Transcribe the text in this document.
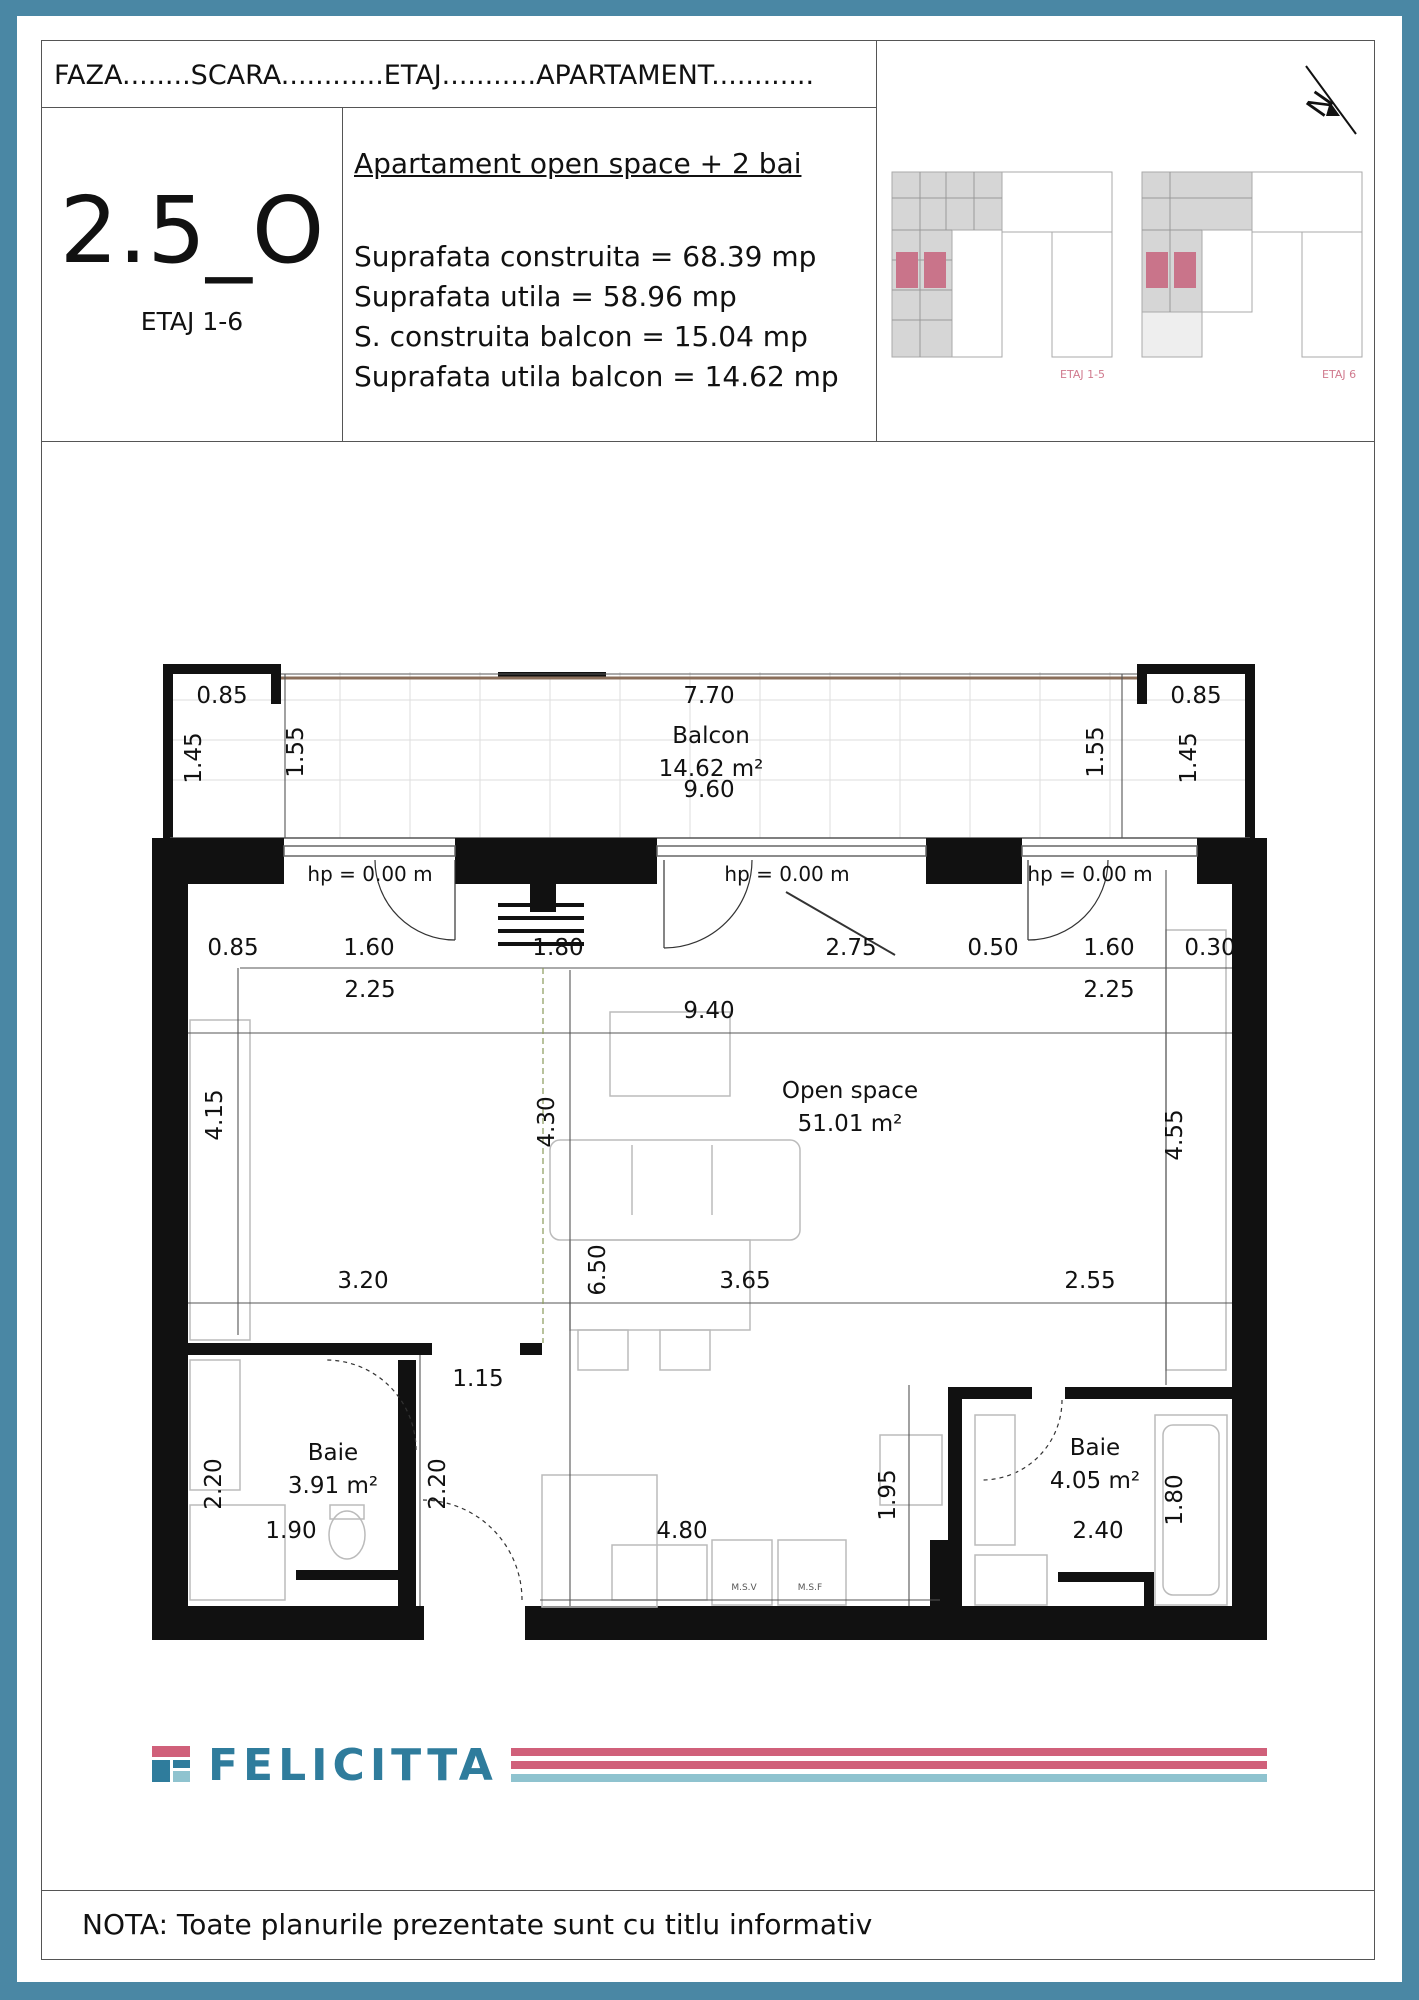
FAZA........SCARA............ETAJ...........APARTAMENT............
2.5_O
ETAJ 1-6
Apartament open space + 2 bai
Suprafata construita = 68.39 mp
Suprafata utila = 58.96 mp
S. construita balcon = 15.04 mp
Suprafata utila balcon = 14.62 mp
N
ETAJ 1-5	ETAJ 6
Balcon
14.62 m²
Open space
51.01 m²
Baie
3.91 m²
Baie
4.05 m²
hp = 0.00 m	hp = 0.00 m	hp = 0.00 m
0.85	7.70	0.85
9.60
1.45	1.55	1.55	1.45
0.85	1.60	1.80	2.75	0.50	1.60 0.30
2.25
9.40
2.25
4.15	4.30
6.50
4.55
3.20	3.65	2.55
1.15
2.20
1.90
2.20
4.80
1.95
2.40
1.80
M.S.V	M.S.F
FELICITTA
NOTA: Toate planurile prezentate sunt cu titlu informativ
